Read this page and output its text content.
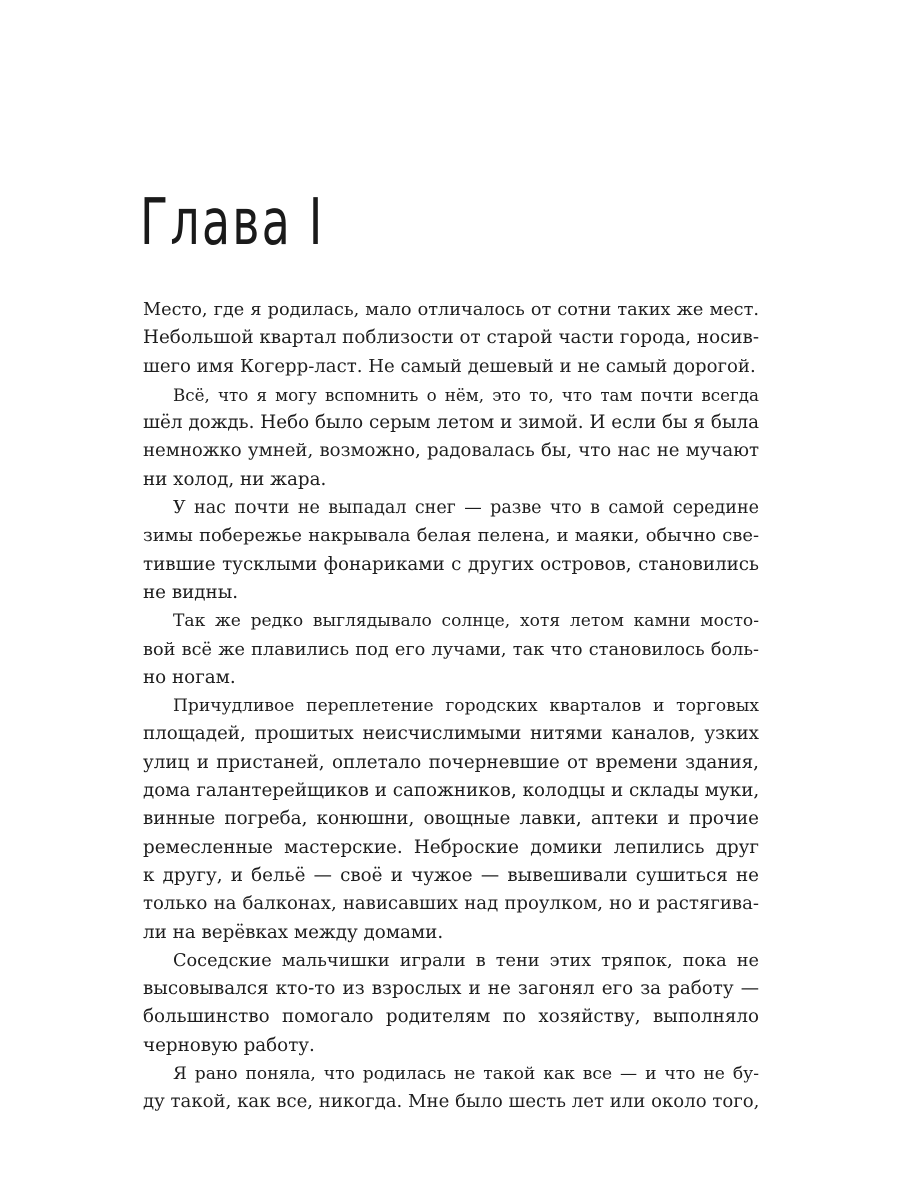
Глава I

Место, где я родилась, мало отличалось от сотни таких же мест.
Небольшой квартал поблизости от старой части города, носив-
шего имя Когерр-ласт. Не самый дешевый и не самый дорогой.

Всё, что я могу вспомнить о нём, это то, что там почти всегда
шёл дождь. Небо было серым летом и зимой. И если бы я была
немножко умней, возможно, радовалась бы, что нас не мучают
ни холод, ни жара.

У нас почти не выпадал снег — разве что в самой середине
зимы побережье накрывала белая пелена, и маяки, обычно све-
тившие тусклыми фонариками с других островов, становились
не видны.

Так же редко выглядывало солнце, хотя летом камни мосто-
вой всё же плавились под его лучами, так что становилось боль-
но ногам.

Причудливое переплетение городских кварталов и торговых
площадей, прошитых неисчислимыми нитями каналов, узких
улиц и пристаней, оплетало почерневшие от времени здания,
дома галантерейщиков и сапожников, колодцы и склады муки,
винные погреба, конюшни, овощные лавки, аптеки и прочие
ремесленные мастерские. Неброские домики лепились друг
к другу, и бельё — своё и чужое — вывешивали сушиться не
только на балконах, нависавших над проулком, но и растягива-
ли на верёвках между домами.

Соседские мальчишки играли в тени этих тряпок, пока не
высовывался кто-то из взрослых и не загонял его за работу —
большинство помогало родителям по хозяйству, выполняло
черновую работу.

Я рано поняла, что родилась не такой как все — и что не бу-
ду такой, как все, никогда. Мне было шесть лет или около того,
